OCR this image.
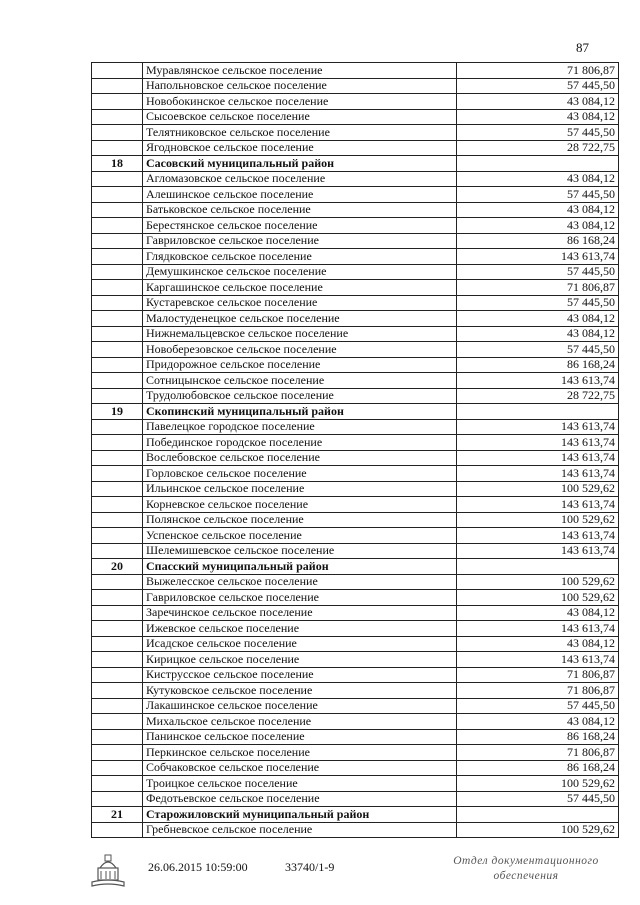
87
	Муравлянское сельское поселение	71 806,87
	Напольновское сельское поселение	57 445,50
	Новобокинское сельское поселение	43 084,12
	Сысоевское сельское поселение	43 084,12
	Телятниковское сельское поселение	57 445,50
	Ягодновское сельское поселение	28 722,75
18	Сасовский муниципальный район	
	Агломазовское сельское поселение	43 084,12
	Алешинское сельское поселение	57 445,50
	Батьковское сельское поселение	43 084,12
	Берестянское сельское поселение	43 084,12
	Гавриловское сельское поселение	86 168,24
	Глядковское сельское поселение	143 613,74
	Демушкинское сельское поселение	57 445,50
	Каргашинское сельское поселение	71 806,87
	Кустаревское сельское поселение	57 445,50
	Малостуденецкое сельское поселение	43 084,12
	Нижнемальцевское сельское поселение	43 084,12
	Новоберезовское сельское поселение	57 445,50
	Придорожное сельское поселение	86 168,24
	Сотницынское сельское поселение	143 613,74
	Трудолюбовское сельское поселение	28 722,75
19	Скопинский муниципальный район	
	Павелецкое городское поселение	143 613,74
	Побединское городское поселение	143 613,74
	Вослебовское сельское поселение	143 613,74
	Горловское сельское поселение	143 613,74
	Ильинское сельское поселение	100 529,62
	Корневское сельское поселение	143 613,74
	Полянское сельское поселение	100 529,62
	Успенское сельское поселение	143 613,74
	Шелемишевское сельское поселение	143 613,74
20	Спасский муниципальный район	
	Выжелесское сельское поселение	100 529,62
	Гавриловское сельское поселение	100 529,62
	Заречинское сельское поселение	43 084,12
	Ижевское сельское поселение	143 613,74
	Исадское сельское поселение	43 084,12
	Кирицкое сельское поселение	143 613,74
	Киструсское сельское поселение	71 806,87
	Кутуковское сельское поселение	71 806,87
	Лакашинское сельское поселение	57 445,50
	Михальское сельское поселение	43 084,12
	Панинское сельское поселение	86 168,24
	Перкинское сельское поселение	71 806,87
	Собчаковское сельское поселение	86 168,24
	Троицкое сельское поселение	100 529,62
	Федотьевское сельское поселение	57 445,50
21	Старожиловский муниципальный район	
	Гребневское сельское поселение	100 529,62
26.06.2015 10:59:00	33740/1-9	Отдел документационного
обеспечения
